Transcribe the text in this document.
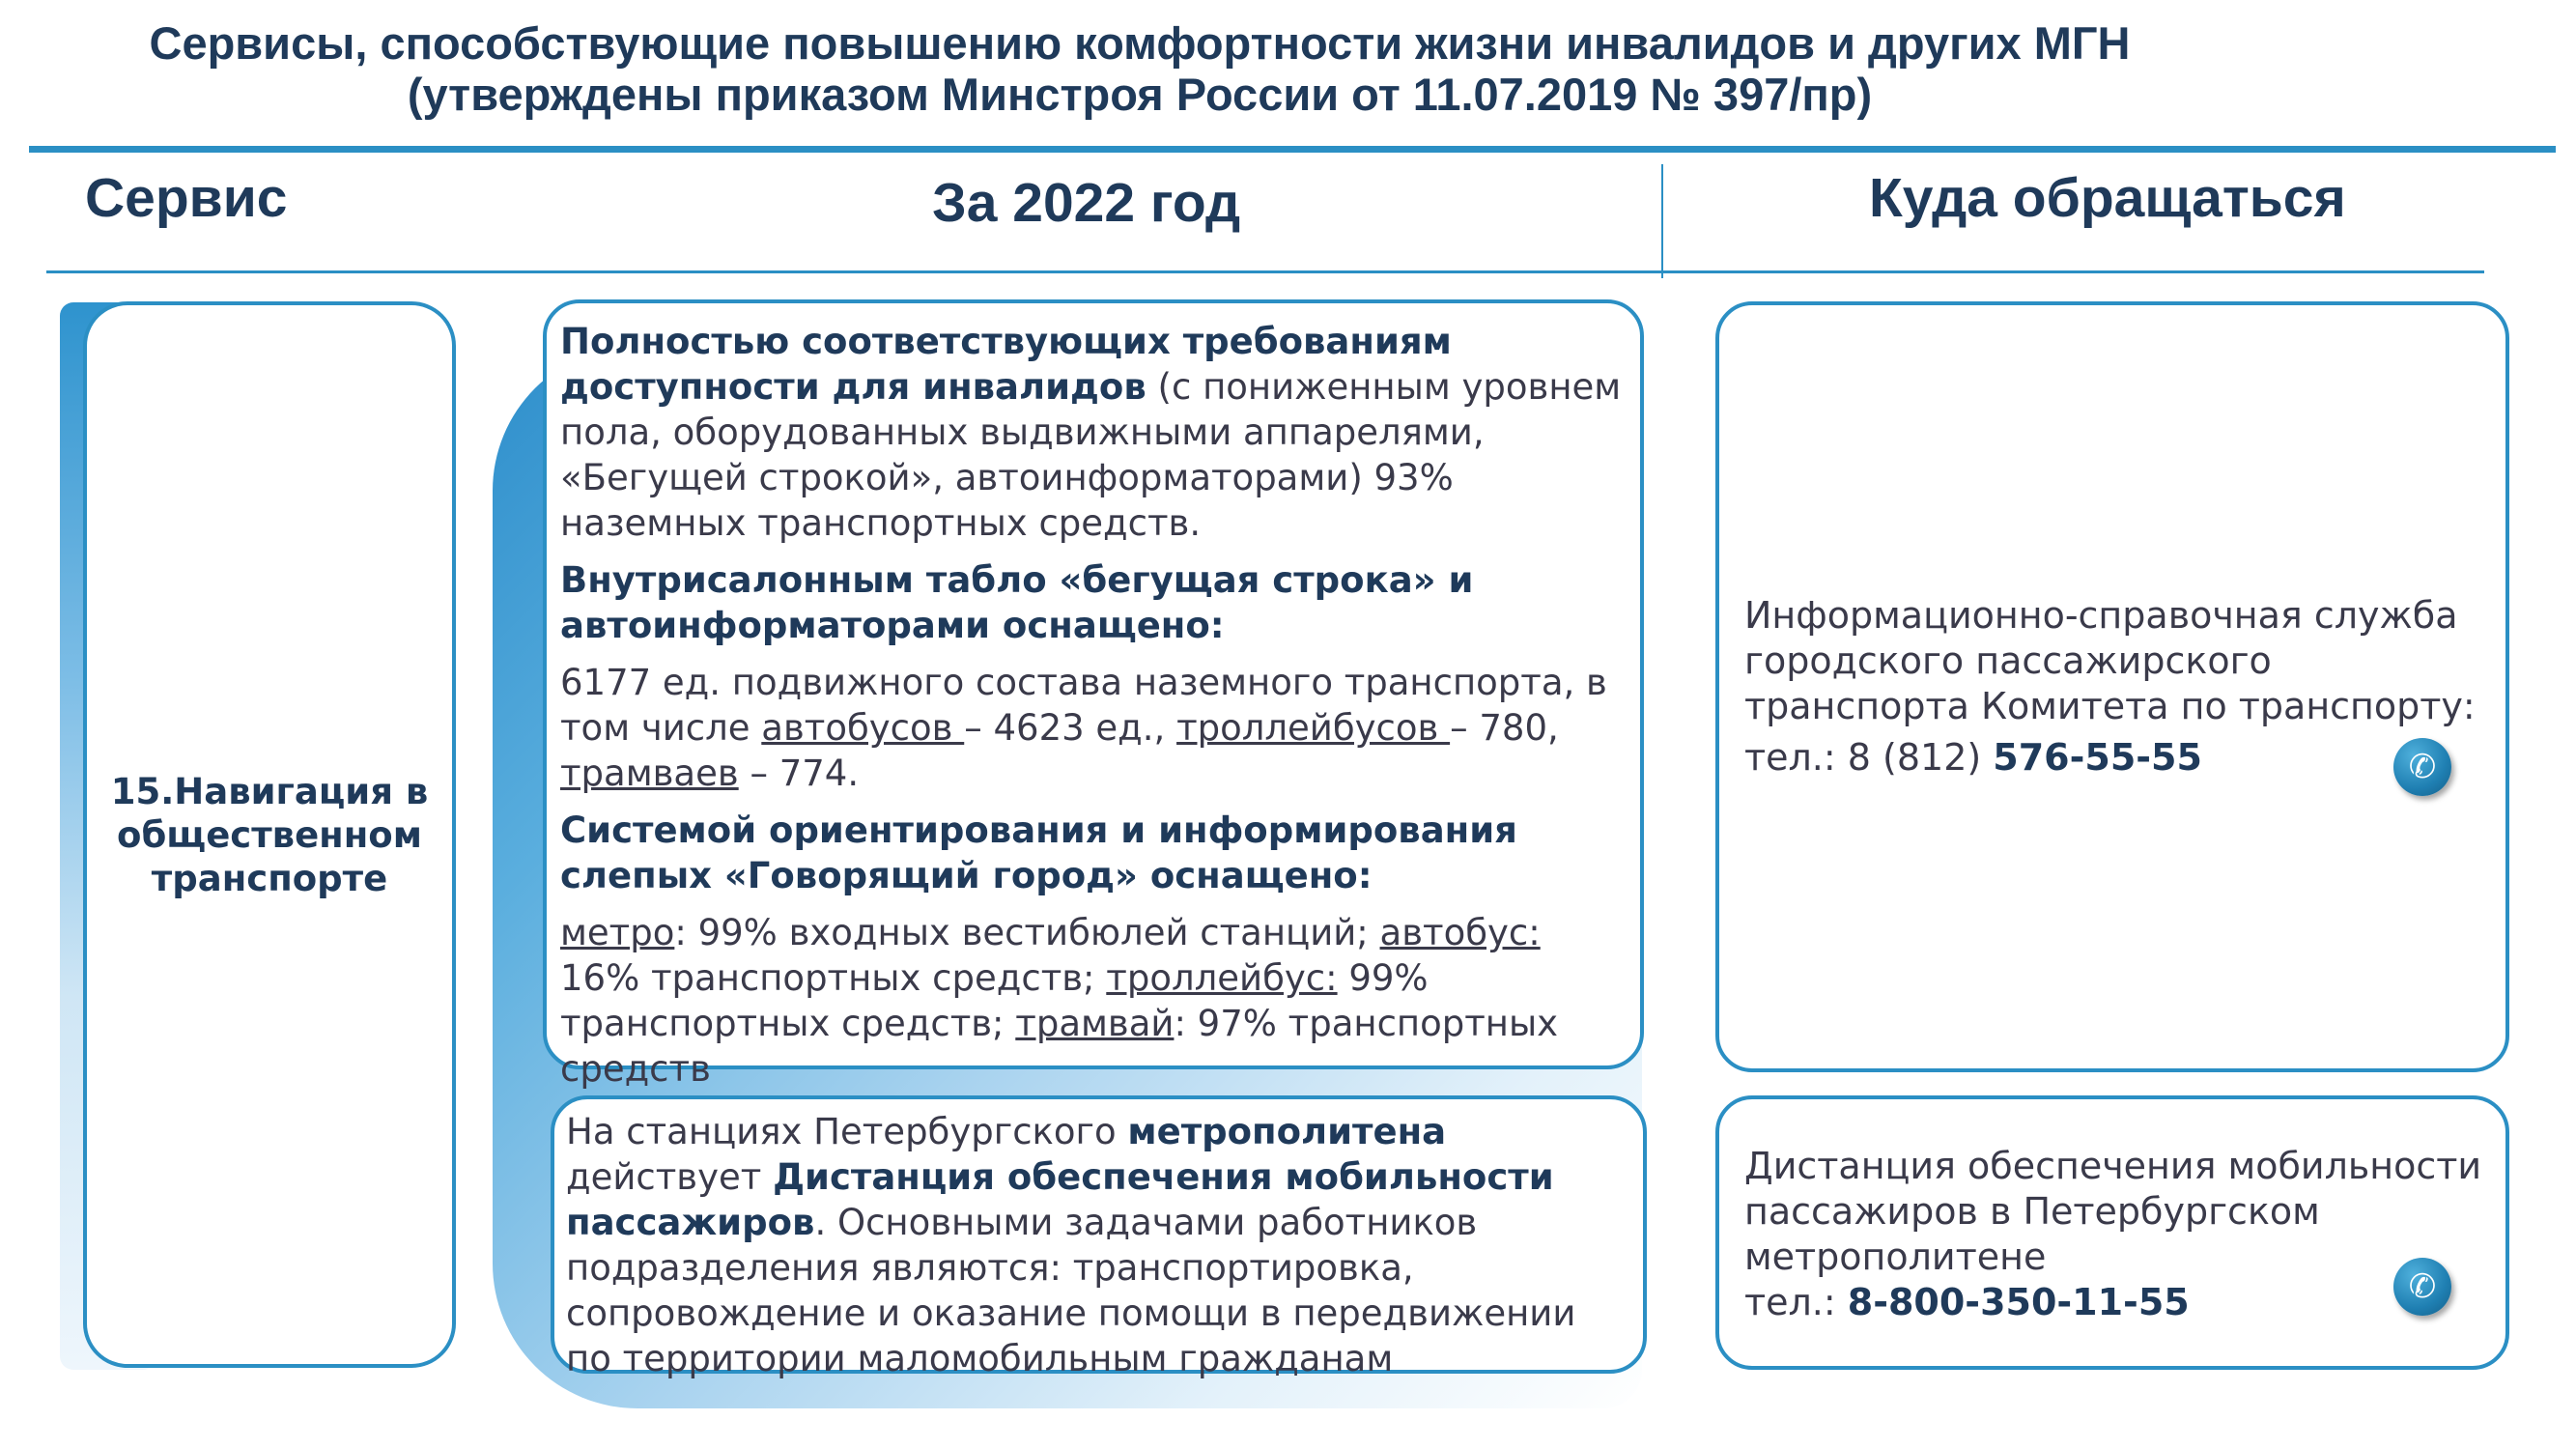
Сервисы, способствующие повышению комфортности жизни инвалидов и других МГН
(утверждены приказом Минстроя России от 11.07.2019 № 397/пр)
Сервис	За 2022 год	Куда обращаться
15.Навигация в
общественном
транспорте

Полностью соответствующих требованиям доступности для инвалидов (с пониженным уровнем пола, оборудованных выдвижными аппарелями, «Бегущей строкой», автоинформаторами) 93% наземных транспортных средств.

Внутрисалонным табло «бегущая строка» и автоинформаторами оснащено:

6177 ед. подвижного состава наземного транспорта, в том числе автобусов – 4623 ед., троллейбусов – 780, трамваев – 774.

Системой ориентирования и информирования слепых «Говорящий город» оснащено:

метро: 99% входных вестибюлей станций; автобус: 16% транспортных средств; троллейбус: 99% транспортных средств; трамвай: 97% транспортных средств

На станциях Петербургского метрополитена действует Дистанция обеспечения мобильности пассажиров. Основными задачами работников подразделения являются: транспортировка, сопровождение и оказание помощи в передвижении по территории маломобильным гражданам

Информационно-справочная служба городского пассажирского транспорта Комитета по транспорту:

тел.: 8 (812) 576-55-55	✆

Дистанция обеспечения мобильности пассажиров в Петербургском метрополитене

тел.: 8-800-350-11-55	✆
